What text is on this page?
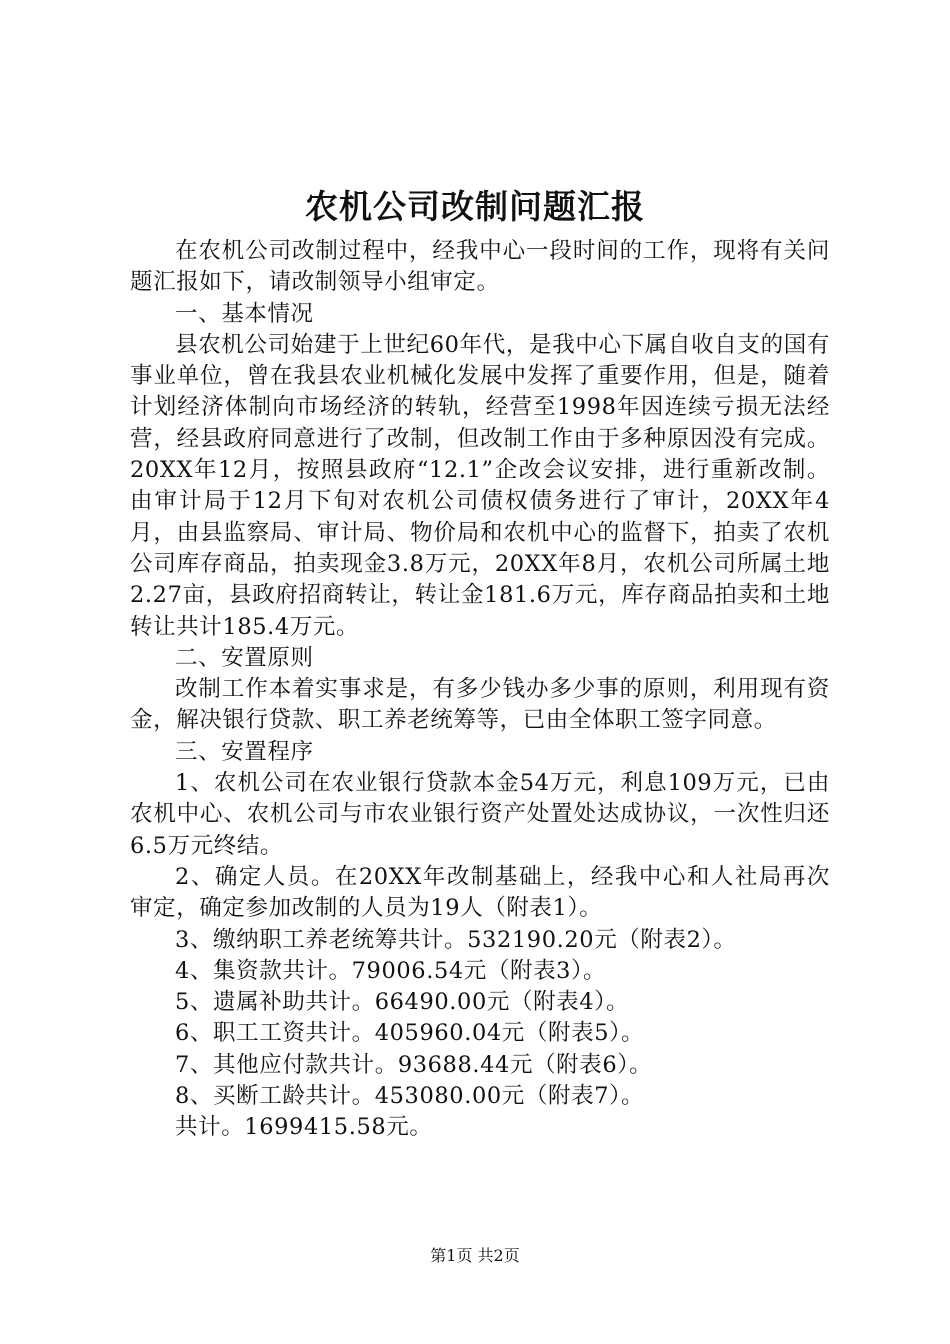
农机公司改制问题汇报

在农机公司改制过程中，经我中心一段时间的工作，现将有关问题汇报如下，请改制领导小组审定。

一、基本情况

县农机公司始建于上世纪60年代，是我中心下属自收自支的国有事业单位，曾在我县农业机械化发展中发挥了重要作用，但是，随着计划经济体制向市场经济的转轨，经营至1998年因连续亏损无法经营，经县政府同意进行了改制，但改制工作由于多种原因没有完成。20XX年12月，按照县政府“12.1”企改会议安排，进行重新改制。由审计局于12月下旬对农机公司债权债务进行了审计，20XX年4月，由县监察局、审计局、物价局和农机中心的监督下，拍卖了农机公司库存商品，拍卖现金3.8万元，20XX年8月，农机公司所属土地2.27亩，县政府招商转让，转让金181.6万元，库存商品拍卖和土地转让共计185.4万元。

二、安置原则

改制工作本着实事求是，有多少钱办多少事的原则，利用现有资金，解决银行贷款、职工养老统筹等，已由全体职工签字同意。

三、安置程序

1、农机公司在农业银行贷款本金54万元，利息109万元，已由农机中心、农机公司与市农业银行资产处置处达成协议，一次性归还6.5万元终结。

2、确定人员。在20XX年改制基础上，经我中心和人社局再次审定，确定参加改制的人员为19人（附表1）。

3、缴纳职工养老统筹共计。532190.20元（附表2）。

4、集资款共计。79006.54元（附表3）。

5、遗属补助共计。66490.00元（附表4）。

6、职工工资共计。405960.04元（附表5）。

7、其他应付款共计。93688.44元（附表6）。

8、买断工龄共计。453080.00元（附表7）。

共计。1699415.58元。

第1页 共2页
